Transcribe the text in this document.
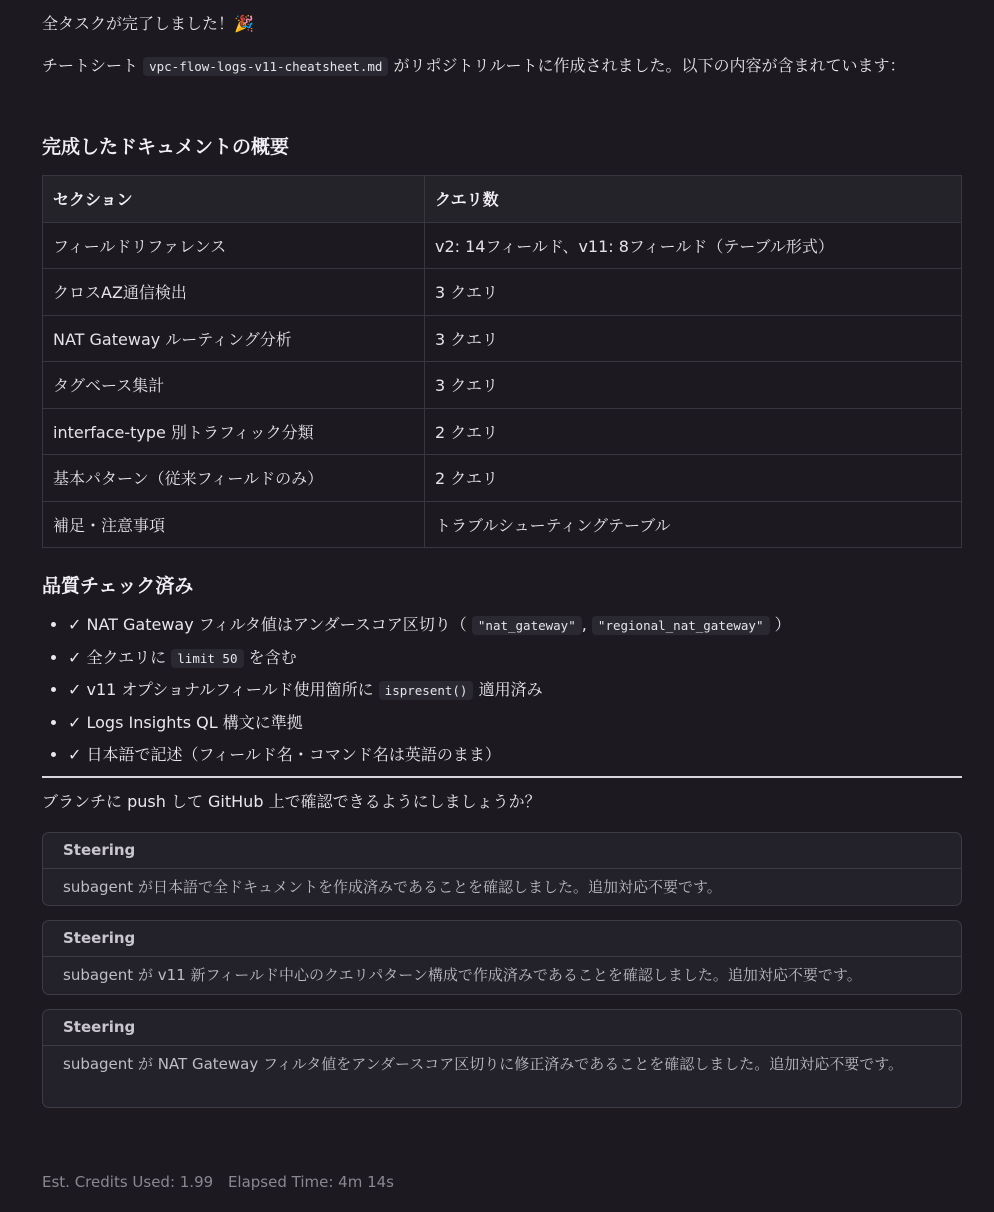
全タスクが完了しました！🎉

チートシート vpc-flow-logs-v11-cheatsheet.md がリポジトリルートに作成されました。以下の内容が含まれています：

完成したドキュメントの概要
セクション	クエリ数
フィールドリファレンス	v2: 14フィールド、v11: 8フィールド（テーブル形式）
クロスAZ通信検出	3 クエリ
NAT Gateway ルーティング分析	3 クエリ
タグベース集計	3 クエリ
interface-type 別トラフィック分類	2 クエリ
基本パターン（従来フィールドのみ）	2 クエリ
補足・注意事項	トラブルシューティングテーブル
品質チェック済み
• ✓ NAT Gateway フィルタ値はアンダースコア区切り（ "nat_gateway" , "regional_nat_gateway" ）
• ✓ 全クエリに limit 50 を含む
• ✓ v11 オプショナルフィールド使用箇所に ispresent() 適用済み
• ✓ Logs Insights QL 構文に準拠
• ✓ 日本語で記述（フィールド名・コマンド名は英語のまま）

ブランチに push して GitHub 上で確認できるようにしましょうか？

Steering
subagent が日本語で全ドキュメントを作成済みであることを確認しました。追加対応不要です。
Steering
subagent が v11 新フィールド中心のクエリパターン構成で作成済みであることを確認しました。追加対応不要です。
Steering
subagent が NAT Gateway フィルタ値をアンダースコア区切りに修正済みであることを確認しました。追加対応不要です。
Est. Credits Used: 1.99 Elapsed Time: 4m 14s
